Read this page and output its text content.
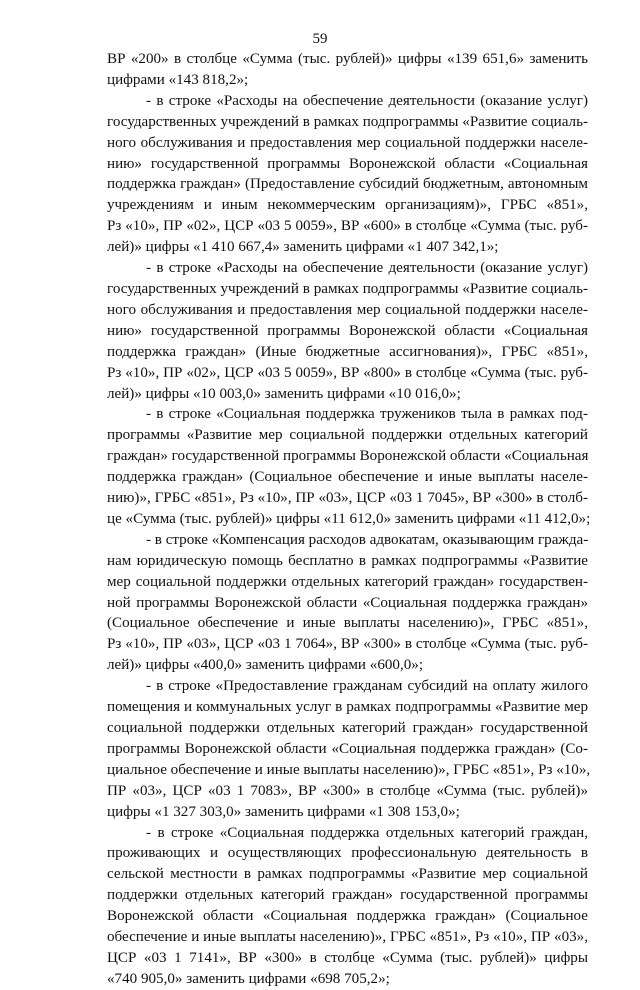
59

ВР «200» в столбце «Сумма (тыс. рублей)» цифры «139 651,6» заменить
цифрами «143 818,2»;

- в строке «Расходы на обеспечение деятельности (оказание услуг)
государственных учреждений в рамках подпрограммы «Развитие социаль-
ного обслуживания и предоставления мер социальной поддержки населе-
нию» государственной программы Воронежской области «Социальная
поддержка граждан» (Предоставление субсидий бюджетным, автономным
учреждениям и иным некоммерческим организациям)», ГРБС «851»,
Рз «10», ПР «02», ЦСР «03 5 0059», ВР «600» в столбце «Сумма (тыс. руб-
лей)» цифры «1 410 667,4» заменить цифрами «1 407 342,1»;

- в строке «Расходы на обеспечение деятельности (оказание услуг)
государственных учреждений в рамках подпрограммы «Развитие социаль-
ного обслуживания и предоставления мер социальной поддержки населе-
нию» государственной программы Воронежской области «Социальная
поддержка граждан» (Иные бюджетные ассигнования)», ГРБС «851»,
Рз «10», ПР «02», ЦСР «03 5 0059», ВР «800» в столбце «Сумма (тыс. руб-
лей)» цифры «10 003,0» заменить цифрами «10 016,0»;

- в строке «Социальная поддержка тружеников тыла в рамках под-
программы «Развитие мер социальной поддержки отдельных категорий
граждан» государственной программы Воронежской области «Социальная
поддержка граждан» (Социальное обеспечение и иные выплаты населе-
нию)», ГРБС «851», Рз «10», ПР «03», ЦСР «03 1 7045», ВР «300» в столб-
це «Сумма (тыс. рублей)» цифры «11 612,0» заменить цифрами «11 412,0»;

- в строке «Компенсация расходов адвокатам, оказывающим гражда-
нам юридическую помощь бесплатно в рамках подпрограммы «Развитие
мер социальной поддержки отдельных категорий граждан» государствен-
ной программы Воронежской области «Социальная поддержка граждан»
(Социальное обеспечение и иные выплаты населению)», ГРБС «851»,
Рз «10», ПР «03», ЦСР «03 1 7064», ВР «300» в столбце «Сумма (тыс. руб-
лей)» цифры «400,0» заменить цифрами «600,0»;

- в строке «Предоставление гражданам субсидий на оплату жилого
помещения и коммунальных услуг в рамках подпрограммы «Развитие мер
социальной поддержки отдельных категорий граждан» государственной
программы Воронежской области «Социальная поддержка граждан» (Со-
циальное обеспечение и иные выплаты населению)», ГРБС «851», Рз «10»,
ПР «03», ЦСР «03 1 7083», ВР «300» в столбце «Сумма (тыс. рублей)»
цифры «1 327 303,0» заменить цифрами «1 308 153,0»;

- в строке «Социальная поддержка отдельных категорий граждан,
проживающих и осуществляющих профессиональную деятельность в
сельской местности в рамках подпрограммы «Развитие мер социальной
поддержки отдельных категорий граждан» государственной программы
Воронежской области «Социальная поддержка граждан» (Социальное
обеспечение и иные выплаты населению)», ГРБС «851», Рз «10», ПР «03»,
ЦСР «03 1 7141», ВР «300» в столбце «Сумма (тыс. рублей)» цифры
«740 905,0» заменить цифрами «698 705,2»;
